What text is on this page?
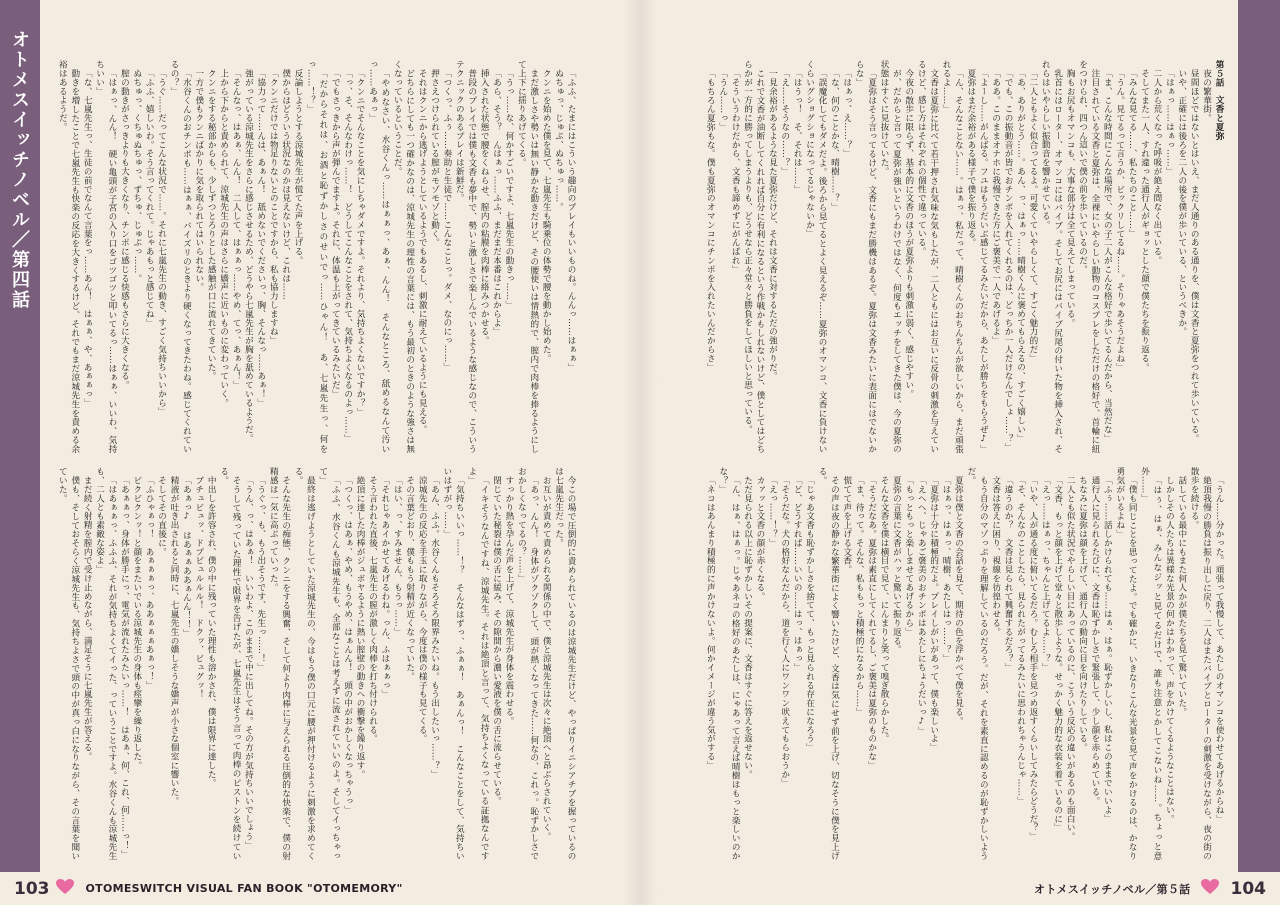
オトメスイッチノベル／第四話	「ふふ、たまにはこういう趣向のプレイもいいものね。んんっ……はぁぁ」

ぬちゅっ、じゅぷ、ぬちゅっ……。

クンニを始めた僕を見て、七嵐先生も騎乗位の体勢で腰を動かし始めた。

まだ激しさや勢いは無い静かな動きだけど、その腰使いは情熱的で、膣内で肉棒を捧るようにして上下に揺りあげてくる。

「うっ……な、何かすごいですよ、七嵐先生の動きっ……」

「あら、そう？　んはぁっ……ふふ、まだまだ本番はこれからよ」

挿入された状態で腰をくねらせ、膣内の粘膜を肉棒に絡みつかせる。

普段のプレイでは僕も文香も夢中で、勢いと激しさで楽しんでいるような感じなので、こういうテクニックのあるプレイは新鮮だ。

「つくっ、ふぅ……奏助と生徒で……こんなことっ。ダメ、なのにっ……」

押さえつけられている膣がモゾモゾと動く。

それはクンニから逃げようとしているようでもあるし、刺激に耐えているようにも見える。

どちらにしても一つ確かなのは、涼城先生の理性の言葉には、もう最初のときのような強さは無くなっているということだ。

「やめなさい、水谷くんっ……はぁぁっ、あぁ、んん！　そんなところ、舐めるなんて汚いっ……あぁっ」

「クンニでそんなことを気にしちゃダメですよ。それより、気持ちよくないですか？」

「っ、そ、そんなわけっ……！　どうしてこんなことをされて、気持ちよくなるのよっ……」

「でもさっきから声が弾んでますよ。それに、体温も上がってきているみたいだ」

「だからそれは、お酒と恥ずかしさのせいでっ……ひゃん！　あ、七嵐先生っ、何をっ……！？」

反論しようとする涼城先生が慌てた声を上げる。

僕からはどういう状況なのかは見えないけど、これは……

「クンニだけでは物足りないとのことですから、私も協力しますね」

「協力って……んは、あぁん！　舐めないでくださいっ、胸、そんなっ……あぁ！」

強がっている涼城先生をさらに感じさせるため、どうやら七嵐先生が胸を舐めているようだ。

「そんなっ、はあぁ、んん！　二人して、はぁぁっ……やめ、てっ、あぁん！」

上から下からと責められて、涼城先生の声はさらに嬌声に近いものに変わっていく。

クンニをする秘部からも、少しずつとろりとした感触が口に流れてきていた。

一方で僕もクンニばかりに気を取られてはいられない。

「水谷くんのおチンポも……はぁぁ、バイズリのときより硬くなってきたわね。感じてくれているの？」

「うぐ……だってこんな状況で……。それに七嵐先生の動き、すごく気持ちいいから」

「ふふ、嬉しいわ。そう言ってくれて。じゃあもっと感じてね」

ぬちゅっ、くちゅぬちゅっ、ずちゅ、じゅぷっ……。

膣の動きがさっきよりも大きくなり、チンポに感じる快感もさらに大きくなる。

「はぁっ、んん！　硬い亀頭が子宮の入り口をゴツゴツと叩いてるっ……はぁぁ、いいわ、気持ちいい」

「な、七嵐先生っ、生徒の前でなんて言葉をっ……あん！　はぁぁ、や、あぁぁっ」

動きを増したことで七嵐先生も快楽の反応を大きくするけど、それでもまだ涼城先生を責める余裕はあるようだ。

今この場で圧倒的に責められているのは涼城先生だけど、やっぱりイニシアチブを握っているのは七嵐先生だった。

お互いが責めて責められる関係の中で、僕と涼城先生は次々に絶頂へと昂ぶらされていく。

「あっ、んん！　身体がゾクゾクして、頭が熱くなってきた……何なの、これっ。恥ずかしさでおかしくなってるの？……」

すっかり熱を孕んだ声を上げて、涼城先生が身体を震わせる。

閉じていた秘裂は僕の舌に緩み、その隙間から濃い愛液を僕の舌に流らせている。

「イキそうなんですね、涼城先生。それは絶頂と言って、気持ちよくなっている証拠なんですよ」

「気持ちいいっ……！？　そんなはずっ、ふぁぁ！　あぁんっ！　こんなことをして、気持ちいいはずがっ……」

「あん、ふふ。水谷くんもそろそろ限界みたいね。もう出したいっ……？」

涼城先生の反応を手玉に取りながら、今度は僕の様子も見てくる。

その言葉どおり、僕ももう射精が近くなっていた。

「はい、っ、すみません、もうっ……」

「それじゃあイかせてあげるわね。っん、ふはぁぁっ」

そう言われた直後、七嵐先生の膣が激しく肉棒を打ち付けられる。

絶頂に達した肉棒がジュボヤるように熱い膣壁の動きへの衝撃を繰り返す。

「つくっ、はあぁ、やめ、もうやめ、はぁんん！　頭の中がおかしくなっちゃうっ」

「ふふ、水谷くんも涼城先生も、全部なことは考えずに流されていいのよ。そしてイっちゃって」

最終は逃げようとしていた涼城先生の、今はもう僕の口元に腰が押付けるように刺激を求めてくる。

そんな先生の痴態、クンニをする興奮、そして何より肉棒に与えられる圧倒的な快楽で、僕の射精感は一気に高ぶっていった。

「うぐっ、も、もう出そうです、先生っ……！」

「うん、っ、はあぁ！　いいわよ、このままで中に出してね。その方が気持ちいいでしょう」

そうして残っていた理性で限界を告げたが、七嵐先生はそう言って肉棒のピストンを続けている。

中出しを許容され、僕の中に残っていた理性も溶かされ、僕は限界に達した。

ブチュビュッ、ドプビュルルル！　ドクッ、ビュグッ！

「あぁっ♪　はあぁぁああぁんん！！」

精液が吐き出されると同時に、七嵐先生の嬌しそうな嬌声が小さな個室に響いた。

そしてその直後に。

「ふひゃぁっ！　あぁぁぁっ、ああぁぁぁあぁっ！」

ビクビクンッ！と顔をまたいでいる涼城先生の身体も痙攣を繰り返した。

「あぁぁっ、身体が勝手にっ、電気が流れたみたいっ……！　はあぁ、何、これ、何……っ！」

「はあぁぁっ、ふふふ、それが気持ちよくてイった、っていうことですよ。水谷くんも涼城先生も、二人とも素敵な姿よ」

まだ続く射精を膣内で受け止めながら、満足そうに七嵐先生が答える。

僕も、そしておそらく涼城先生も、気持ちよさで頭の中が真っ白になりながら、その言葉を聞いていた。

103	OTOMESWITCH VISUAL FAN BOOK "OTOMEMORY"

第５話　文香と夏弥

夜の繁華街。

昼間ほどではないとはいえ、まだ人通りのある通りを、僕は文香と夏弥をつれて歩いている。

いや、正確には後ろを二人の後を僕が歩いている、というべきか。

「はぁっ……はぁっ……」

二人から荒くなった呼吸が絶え間なく出ている。

そしてまた一人、すれ違った通行人がギョッとした顔で僕たちを振り返る。

「みんな見てる……、私たちのこと……」

「うん。見てるって言うか、ビックリしてるね……。そりゃあそうだよね」

「ま、こんな時間にこんな場所で、女の子二人がこんな格好で歩いてるんだから、当然だな」

注目されている文香と夏弥は、全裸にいやらしい動物のコスプレをしただけの格好で、首輪に紐をつけられ、四つん這いで僕の前を歩いているのだ。

胸もお尻もオマンコも、大事な部分は全て見えてしまっている。

乳首にはローター、オマンコにはバイブ。そしてお尻にはバイブ尻尾の付いた物を挿入され、それらはいやらしい振動音を響かせている。

「二人ともよく似合ってるよ。可愛くていやらしくて、すごく魅力的だ」

「あ、ありがとう……。あん、っ、はぁっ……晴樹くんに褒めてもらえるの、すごく嬉しい」

「でも、この振動音が皆でおチンポを入れてくれるのは、どっちか一人だけなんでしょ……？」

「ああ。このままオナホに我慢できた方にご褒美で一人であげるよ」

「よーし……がんばる。フユはもうだいぶ感じてるみたいだから、あたしが勝ちをもらうぜ♪」

夏弥はまだ余裕がある様子で僕を振り返る。

「ん、そんなことない……。はぁっ、私だって、晴樹くんのおちんちんが欲しいから、まだ頑張れるよ……」

文香は夏弥に比べて若干押され気味な気もしたが、二人ともにはお互いに反骨の刺激を与えているけど、感じ方はそれぞれの個性で違っている。

今夜の散歩に限らず、基本的に文香のほうが夏弥よりも刺激に弱く、感じやすい。

が、だからと言って夏弥が強いというわけではなく、何度もエッチをしてきた僕は、今の夏弥の状態はすぐに見抜けていた。

「夏弥はそう言ってるけど、文香にもまだ勝機はあるぞ。夏弥は文香みたいに表面にはでないからな」

「はぁっ、え……？」

「な、何のことかな、晴樹……？」

「誤魔化してもダメだよ。後ろから見てるとよく見えるぞ……夏弥のオマンコ、文香に負けないくらいグショグショになってるじゃないか」

「はうっ！　そ、それは……」

「え……そうなの……？」

一見余裕があるような見た夏弥だけど、それは文香に対するただの強がりだ。

これで文香が油断してくれれば自分に有利になるという作戦かもしれないけど、僕としてはどちらかが一方的に勝ってしまうよりも、どうせなら正々堂々と勝負をしてほしいと思っている。

「そういうわけだから、文香も諦めずにがんばれ」

「うん……っ」

「もちろん夏弥もな。僕も夏弥のオマンコにチンポを入れたいんだからさ」

「うん……分かった。頑張って我慢して、あたしのオマンコを使わせてあげるからね」

絶頂我慢の勝負は振り出しに戻り、二人はまたバイブとローターの刺激を受けながら、夜の街の散歩を続ける。

話している最中にもまた何人かが僕たちを見て驚いていた。

しかしその人たちは異様な光景の何かはわかって、声をかけてくるようなことはない。

「はぅ、はぁ、みんなジッと見てるだけで、誰も注意とかしてこないね……。ちょっと意外……」

「僕も同じことを思ってたよ。でも確かに、いきなりこんな光景を見て声をかけるのは、かなり勇気がいるよね」

「ふぅ……話しかけられても……はぁ、はぁ。恥ずかしいし、私はこのままでいいよ」

通行人に見られるたびに、文香は恥ずかしさで緊張して、少し顔を赤らめている。

ちなみに夏弥は顔を上げて、通行人の動向に目を向けたりしている。

二人とも似た状況でやらしい目にあっているのに、こういう反応の違いがあるのも面白い。

「文香、もっと顔を上げて堂々と散歩しような。せっかく魅力的な衣装を着ているのに」

「えっ……はぁっ、ちゃんと上げてるよ……？」

「いや、人が通る度に俯いてるだろ。むしろ相手を見つめ返すくらいしてみたらどうだ？」

「そ、そんなのことしたら、見られたがってるみたいに思われちゃうんじゃ……」

「違うのか？　文香は見られて興奮するだろ？」

文香は答えに困り、視線を彷徨わせる。

もう自分のマゾっぷりを理解しているのだろう。だが、それを素直に認めるのが恥ずかしいようだ。

夏弥は僕と文香の会話を見て、期待の色を浮かべて僕を見る。

「はぁっ、はぁっ、晴樹、あたしはっ……？」

「夏弥は十分に積極的だよ。プレイしがいがあって、僕も楽しいよ」

「えへへ、じゃあご褒美のおチンポはあたしにちょうだいっ♪」

「もっともっと楽しませてあげるから」

夏弥の言葉に文香がハッと驚いて振り返る。

そんな文香を僕は横目で見て、にんまりと笑って嗅ぎ散らかした。

「そうだなあ。夏弥は素直にしてくれてるし、ご褒美は夏弥のものかな」

「ま、待って。そんな、私ももっと積極的になるから……」

慌てて声を上げる文香。

その声は夜の静かな繁華街によく響いたけど、文香は気にせず前を上げ、切なそうに僕を見上げる。

「じゃあ文香も恥ずかしさを捨てて、もっと見られる存在になろう」

「ど、どうすれば……いいの……はっ、はぁっ」

「そうだな。犬の格好なんだから、道を行く人にワンワン吠えてもらおうか」

「えっ……！？」

カァッと文香の顔が赤くなる。

ただ見られる以上に恥ずかしいその提案に、文香はすぐに答えを返せない。

「ん、はぁ、はぁっ。じゃあネコの格好のあたしは、にゃあって言えば晴樹はもっと楽しいのかな？」

「ネコはあんまり積極的に声かけないよ。何かイメージが違う気がする」

オトメスイッチノベル／第５話 104
